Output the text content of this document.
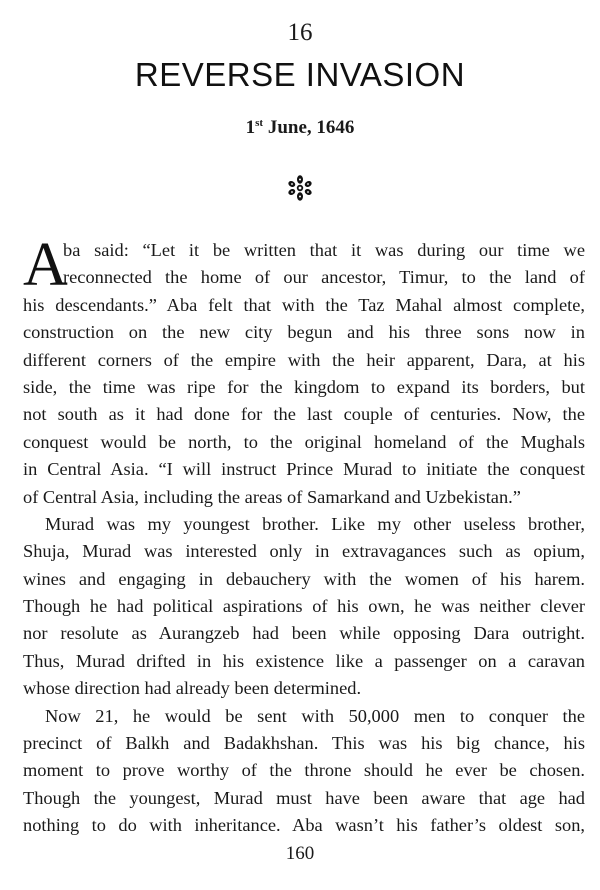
16
REVERSE INVASION
1st June, 1646
A
ba said: “Let it be written that it was during our time we
reconnected the home of our ancestor, Timur, to the land of
his descendants.” Aba felt that with the Taz Mahal almost complete,
construction on the new city begun and his three sons now in
different corners of the empire with the heir apparent, Dara, at his
side, the time was ripe for the kingdom to expand its borders, but
not south as it had done for the last couple of centuries. Now, the
conquest would be north, to the original homeland of the Mughals
in Central Asia. “I will instruct Prince Murad to initiate the conquest
of Central Asia, including the areas of Samarkand and Uzbekistan.”
Murad was my youngest brother. Like my other useless brother,
Shuja, Murad was interested only in extravagances such as opium,
wines and engaging in debauchery with the women of his harem.
Though he had political aspirations of his own, he was neither clever
nor resolute as Aurangzeb had been while opposing Dara outright.
Thus, Murad drifted in his existence like a passenger on a caravan
whose direction had already been determined.
Now 21, he would be sent with 50,000 men to conquer the
precinct of Balkh and Badakhshan. This was his big chance, his
moment to prove worthy of the throne should he ever be chosen.
Though the youngest, Murad must have been aware that age had
nothing to do with inheritance. Aba wasn’t his father’s oldest son,
160
